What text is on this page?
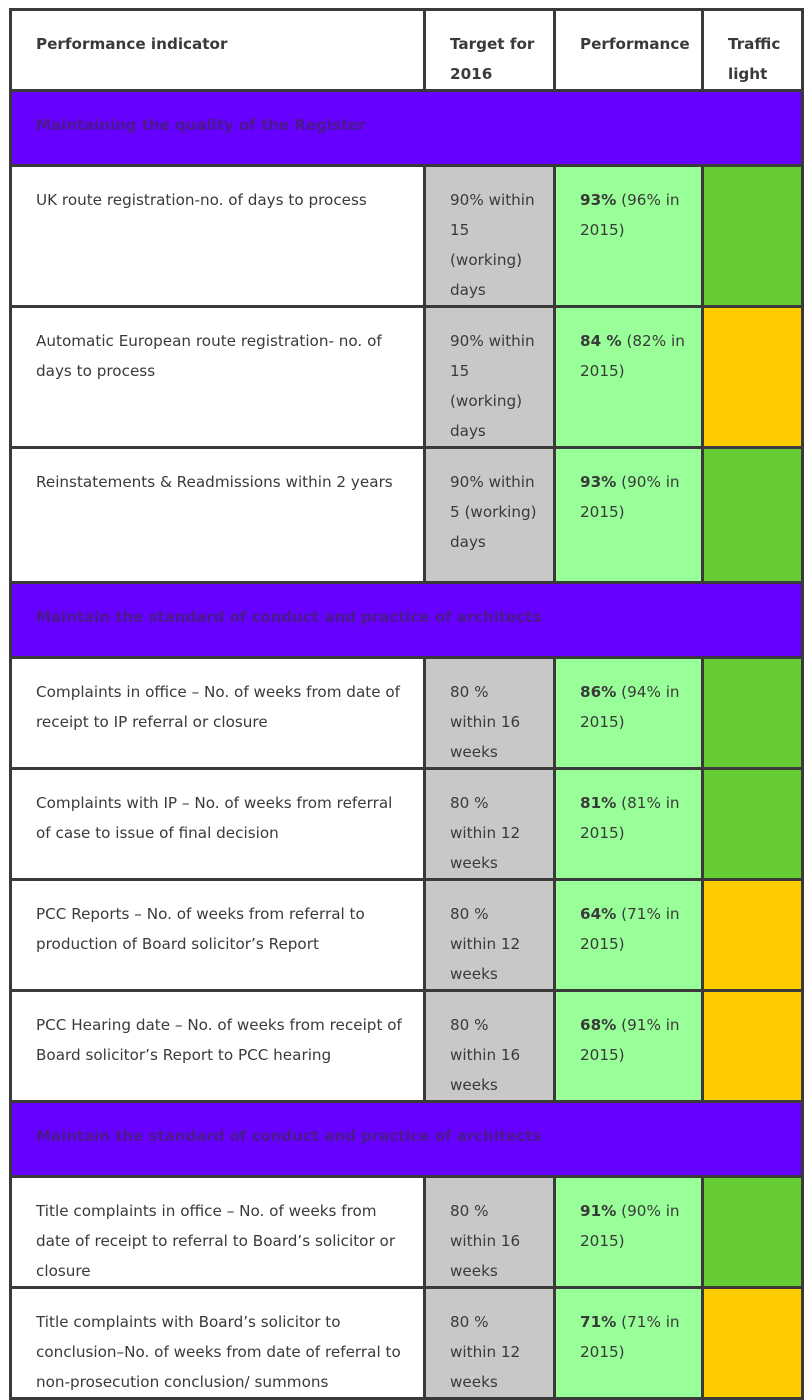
Performance indicator	Target for 2016	Performance	Traffic light

Maintaining the quality of the Register			

UK route registration-no. of days to process	90% within 15 (working) days	93% (96% in 2015)	

Automatic European route registration- no. of days to process	90% within 15 (working) days	84 % (82% in 2015)	

Reinstatements & Readmissions within 2 years	90% within 5 (working) days	93% (90% in 2015)	

Maintain the standard of conduct and practice of architects			

Complaints in office – No. of weeks from date of receipt to IP referral or closure	80 % within 16 weeks	86% (94% in 2015)	

Complaints with IP – No. of weeks from referral of case to issue of final decision	80 % within 12 weeks	81% (81% in 2015)	

PCC Reports – No. of weeks from referral to production of Board solicitor’s Report	80 % within 12 weeks	64% (71% in 2015)	

PCC Hearing date – No. of weeks from receipt of Board solicitor’s Report to PCC hearing	80 % within 16 weeks	68% (91% in 2015)	

Maintain the standard of conduct and practice of architects			

Title complaints in office – No. of weeks from date of receipt to referral to Board’s solicitor or closure	80 % within 16 weeks	91% (90% in 2015)	

Title complaints with Board’s solicitor to conclusion–No. of weeks from date of referral to non-prosecution conclusion/ summons	80 % within 12 weeks	71% (71% in 2015)	
